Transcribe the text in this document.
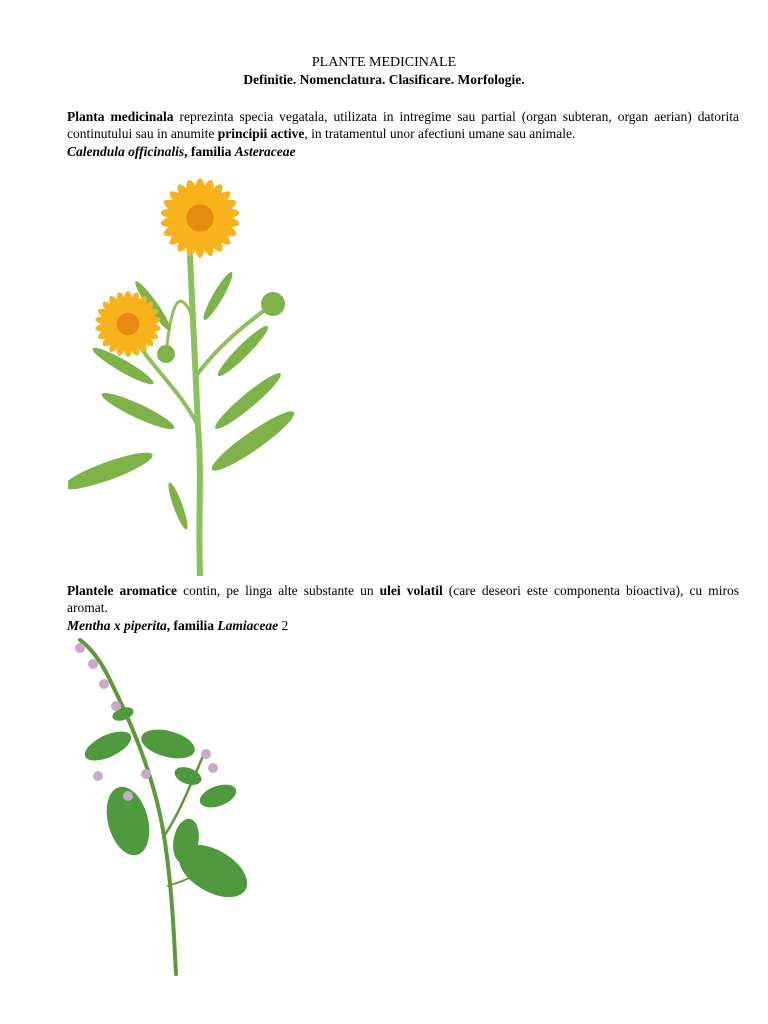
PLANTE MEDICINALE
Definitie. Nomenclatura. Clasificare. Morfologie.
Planta medicinala reprezinta specia vegatala, utilizata in intregime sau partial (organ subteran, organ aerian) datorita continutului sau in anumite principii active, in tratamentul unor afectiuni umane sau animale.
Calendula officinalis, familia Asteraceae
Plantele aromatice contin, pe linga alte substante un ulei volatil (care deseori este componenta bioactiva), cu miros aromat.
Mentha x piperita, familia Lamiaceae 2
